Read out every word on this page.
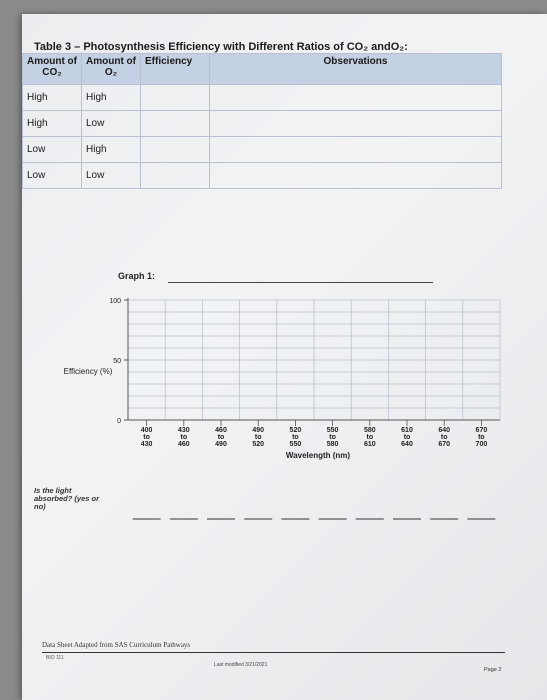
Table 3 – Photosynthesis Efficiency with Different Ratios of CO₂ andO₂:
Amount of CO₂	Amount of O₂	Efficiency	Observations
High	High		
High	Low		
Low	High		
Low	Low		
Graph 1:
Efficiency (%)
100
50
0
400 to 430
430 to 460
460 to 490
490 to 520
520 to 550
550 to 580
580 to 610
610 to 640
640 to 670
670 to 700
Wavelength (nm)
Is the light absorbed? (yes or no)
Data Sheet Adapted from SAS Curriculum Pathways
BIO 111
Last modified 3/21/2021
Page 2
